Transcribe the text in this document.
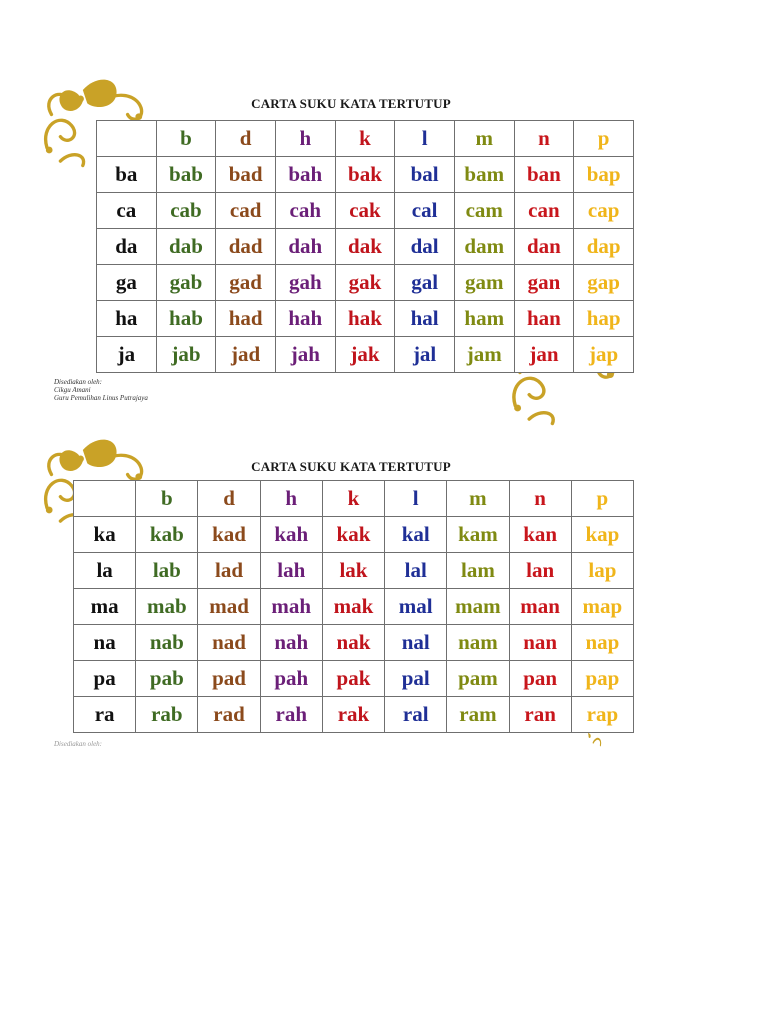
CARTA SUKU KATA TERTUTUP
	b	d	h	k	l	m	n	p
ba	bab	bad	bah	bak	bal	bam	ban	bap
ca	cab	cad	cah	cak	cal	cam	can	cap
da	dab	dad	dah	dak	dal	dam	dan	dap
ga	gab	gad	gah	gak	gal	gam	gan	gap
ha	hab	had	hah	hak	hal	ham	han	hap
ja	jab	jad	jah	jak	jal	jam	jan	jap
Disediakan oleh:
Cikgu Amani
Guru Pemulihan Linus Putrajaya
CARTA SUKU KATA TERTUTUP
	b	d	h	k	l	m	n	p
ka	kab	kad	kah	kak	kal	kam	kan	kap
la	lab	lad	lah	lak	lal	lam	lan	lap
ma	mab	mad	mah	mak	mal	mam	man	map
na	nab	nad	nah	nak	nal	nam	nan	nap
pa	pab	pad	pah	pak	pal	pam	pan	pap
ra	rab	rad	rah	rak	ral	ram	ran	rap
Disediakan oleh:
